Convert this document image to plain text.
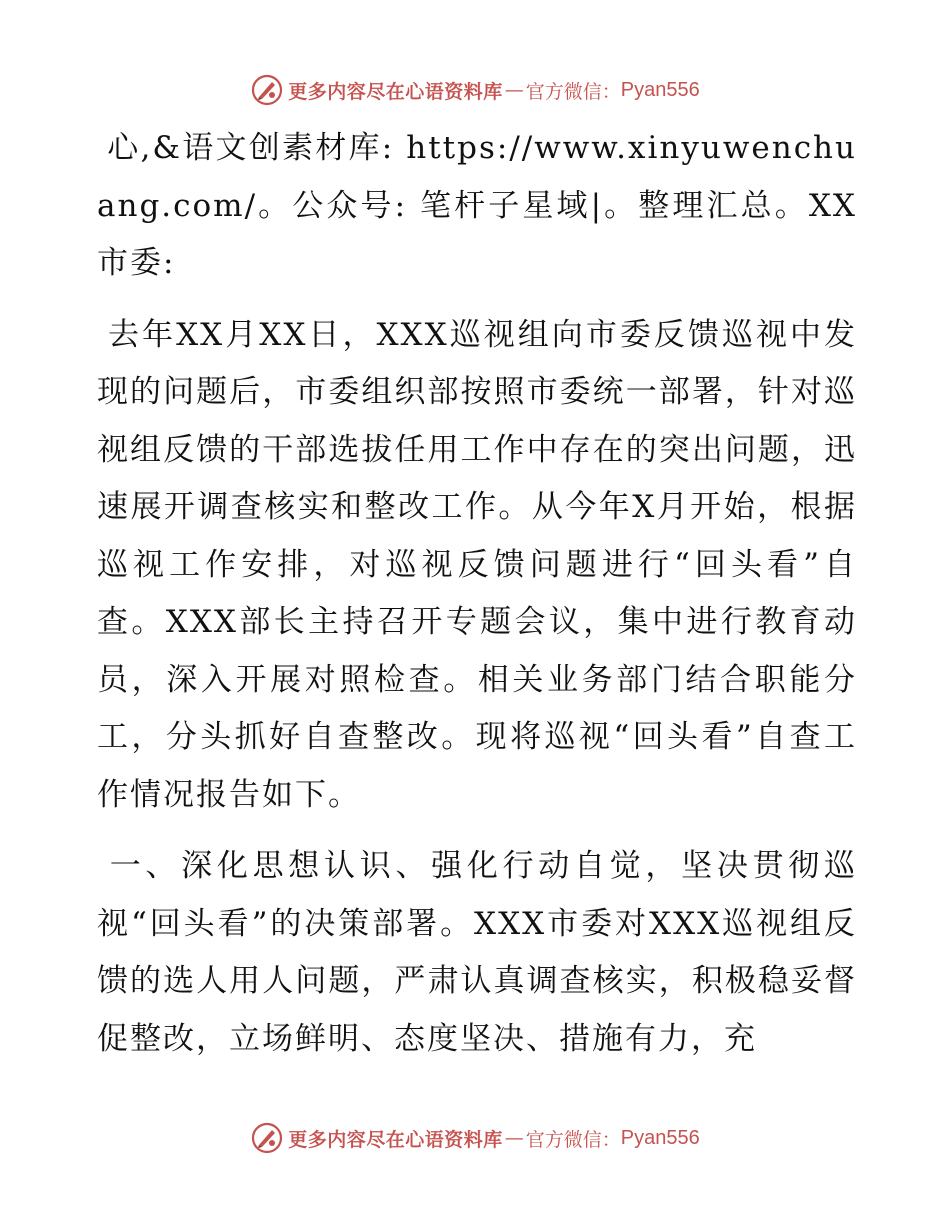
更多内容尽在心语资料库 — 官方微信： Pyan556

心,&语文创素材库: https://www.xinyuwenchuang.com/。公众号: 笔杆子星域|。整理汇总。XX市委:

去年XX月XX日，XXX巡视组向市委反馈巡视中发现的问题后，市委组织部按照市委统一部署，针对巡视组反馈的干部选拔任用工作中存在的突出问题，迅速展开调查核实和整改工作。从今年X月开始，根据巡视工作安排，对巡视反馈问题进行“回头看”自查。XXX部长主持召开专题会议，集中进行教育动员，深入开展对照检查。相关业务部门结合职能分工，分头抓好自查整改。现将巡视“回头看”自查工作情况报告如下。

一、深化思想认识、强化行动自觉，坚决贯彻巡视“回头看”的决策部署。XXX市委对XXX巡视组反馈的选人用人问题，严肃认真调查核实，积极稳妥督促整改，立场鲜明、态度坚决、措施有力，充

更多内容尽在心语资料库 — 官方微信： Pyan556
